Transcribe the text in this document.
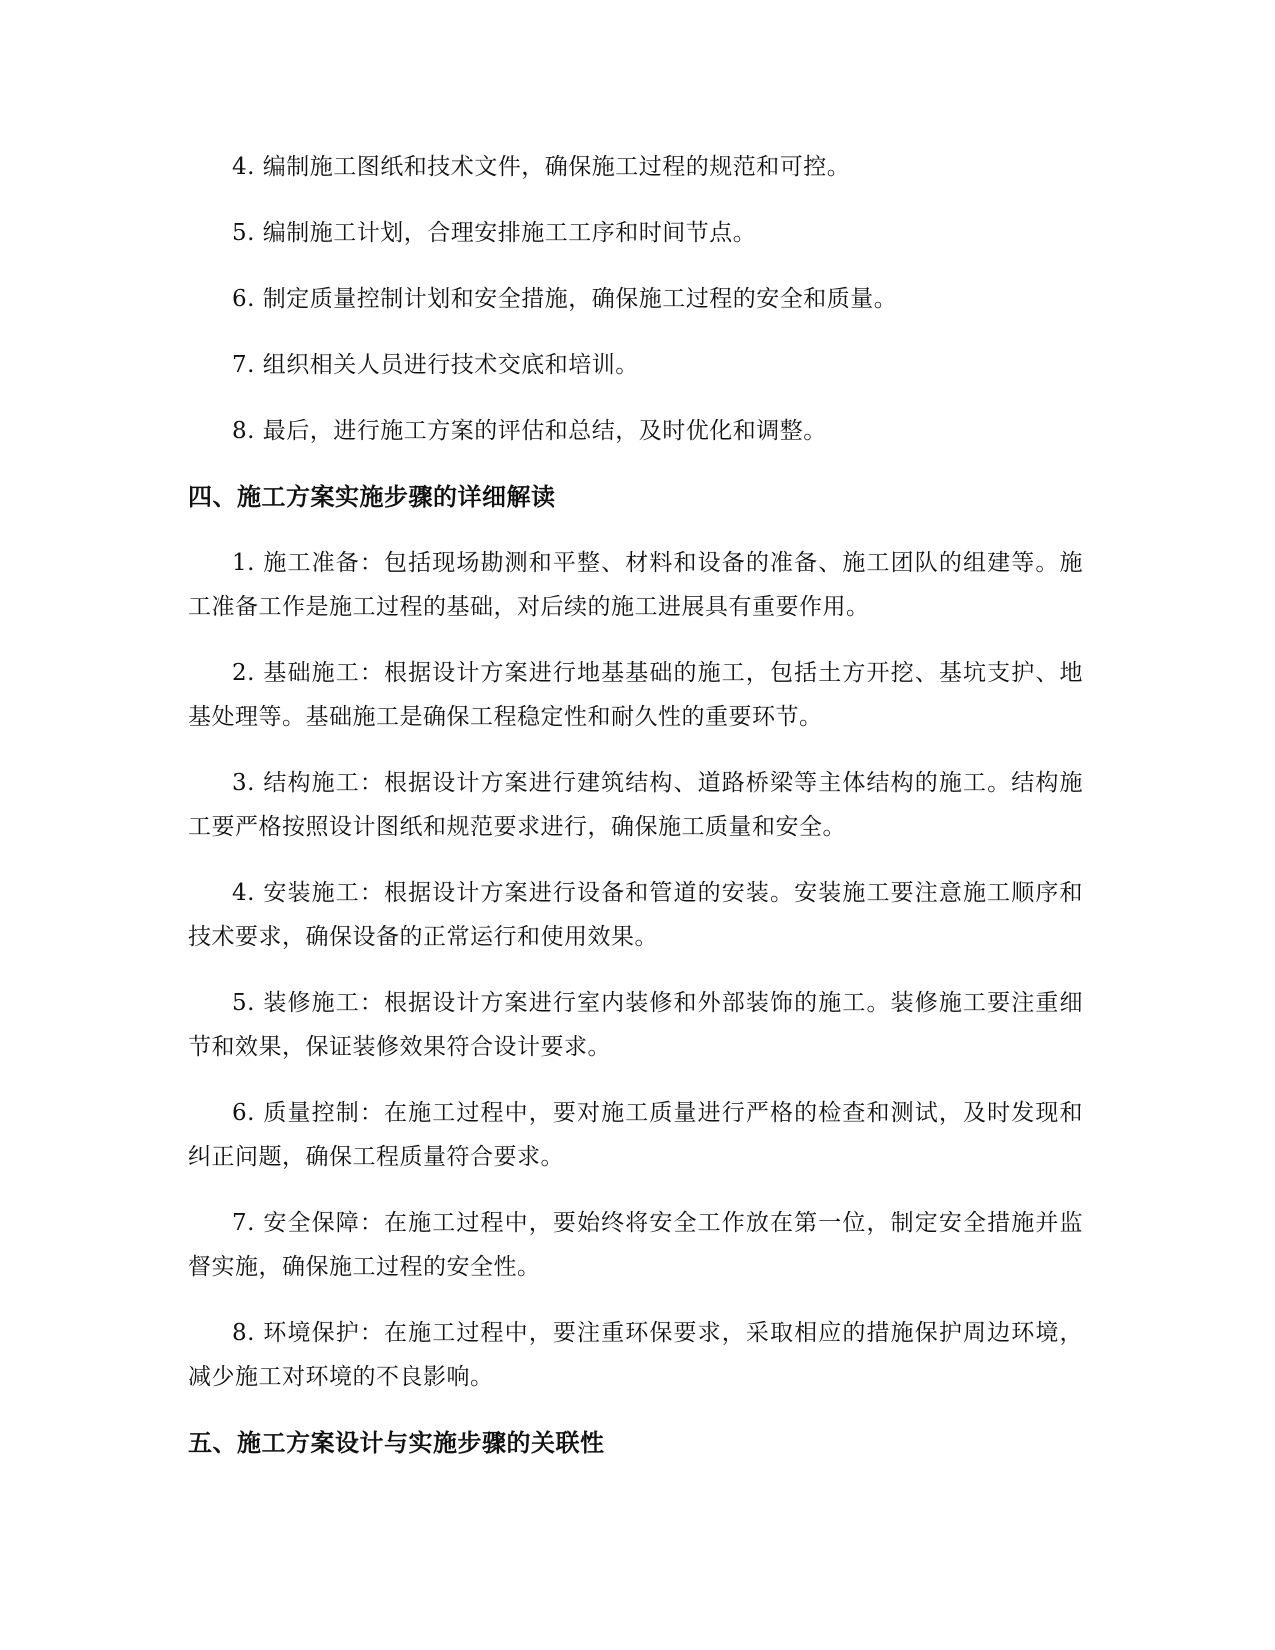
4. 编制施工图纸和技术文件，确保施工过程的规范和可控。

5. 编制施工计划，合理安排施工工序和时间节点。

6. 制定质量控制计划和安全措施，确保施工过程的安全和质量。

7. 组织相关人员进行技术交底和培训。

8. 最后，进行施工方案的评估和总结，及时优化和调整。

四、施工方案实施步骤的详细解读

1. 施工准备：包括现场勘测和平整、材料和设备的准备、施工团队的组建等。施工准备工作是施工过程的基础，对后续的施工进展具有重要作用。

2. 基础施工：根据设计方案进行地基基础的施工，包括土方开挖、基坑支护、地基处理等。基础施工是确保工程稳定性和耐久性的重要环节。

3. 结构施工：根据设计方案进行建筑结构、道路桥梁等主体结构的施工。结构施工要严格按照设计图纸和规范要求进行，确保施工质量和安全。

4. 安装施工：根据设计方案进行设备和管道的安装。安装施工要注意施工顺序和技术要求，确保设备的正常运行和使用效果。

5. 装修施工：根据设计方案进行室内装修和外部装饰的施工。装修施工要注重细节和效果，保证装修效果符合设计要求。

6. 质量控制：在施工过程中，要对施工质量进行严格的检查和测试，及时发现和纠正问题，确保工程质量符合要求。

7. 安全保障：在施工过程中，要始终将安全工作放在第一位，制定安全措施并监督实施，确保施工过程的安全性。

8. 环境保护：在施工过程中，要注重环保要求，采取相应的措施保护周边环境，减少施工对环境的不良影响。

五、施工方案设计与实施步骤的关联性
